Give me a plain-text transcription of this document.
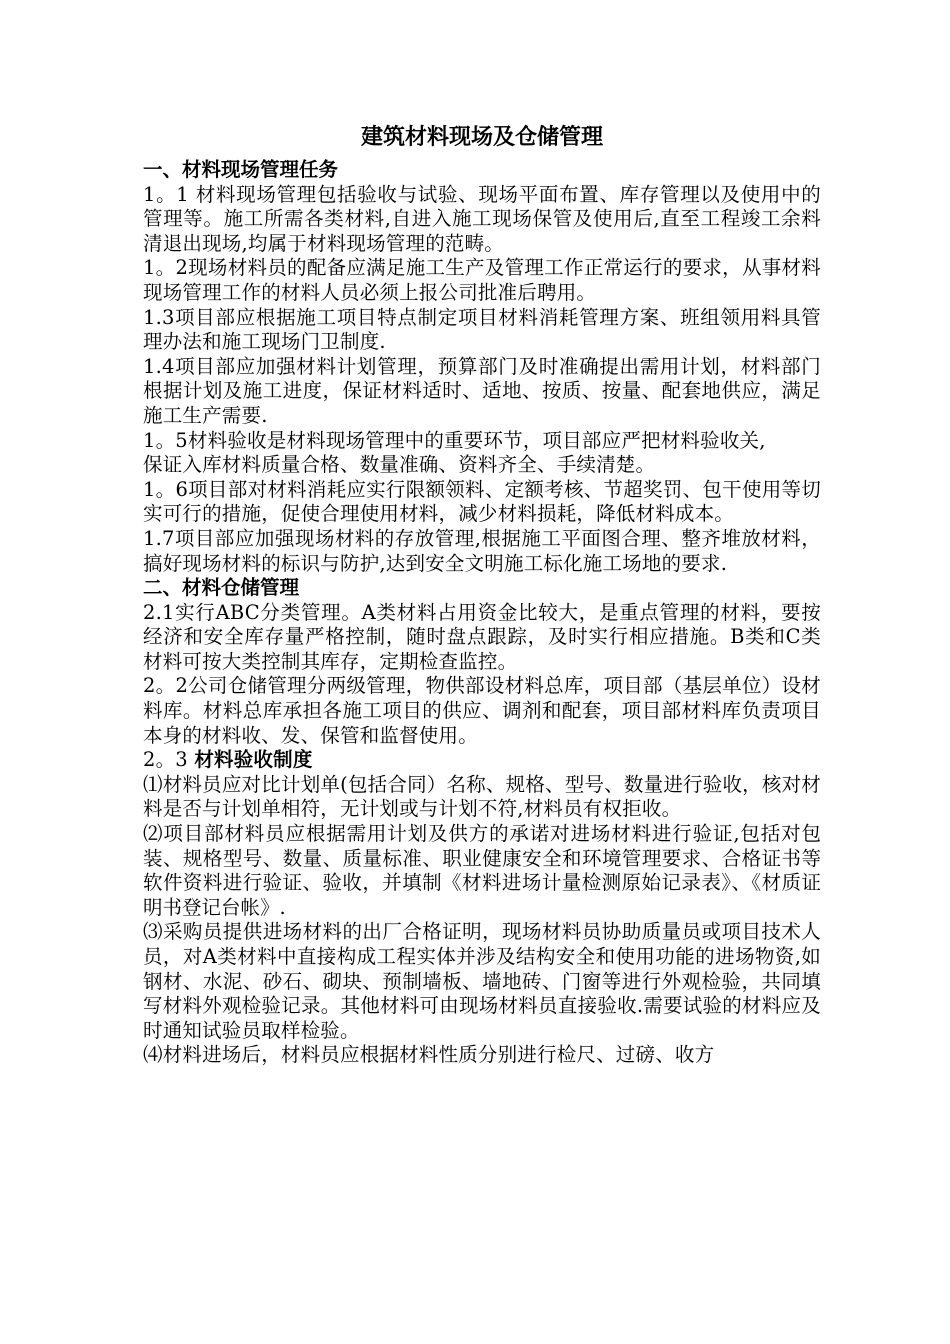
建筑材料现场及仓储管理
一、材料现场管理任务

1。1 材料现场管理包括验收与试验、现场平面布置、库存管理以及使用中的管理等。施工所需各类材料,自进入施工现场保管及使用后,直至工程竣工余料清退出现场,均属于材料现场管理的范畴。

1。2现场材料员的配备应满足施工生产及管理工作正常运行的要求，从事材料现场管理工作的材料人员必须上报公司批准后聘用。

1.3项目部应根据施工项目特点制定项目材料消耗管理方案、班组领用料具管理办法和施工现场门卫制度.

1.4项目部应加强材料计划管理，预算部门及时准确提出需用计划，材料部门根据计划及施工进度，保证材料适时、适地、按质、按量、配套地供应，满足施工生产需要.

1。5材料验收是材料现场管理中的重要环节，项目部应严把材料验收关,

保证入库材料质量合格、数量准确、资料齐全、手续清楚。

1。6项目部对材料消耗应实行限额领料、定额考核、节超奖罚、包干使用等切实可行的措施，促使合理使用材料，减少材料损耗，降低材料成本。

1.7项目部应加强现场材料的存放管理,根据施工平面图合理、整齐堆放材料，搞好现场材料的标识与防护,达到安全文明施工标化施工场地的要求.

二、材料仓储管理

2.1实行ABC分类管理。A类材料占用资金比较大，是重点管理的材料，要按经济和安全库存量严格控制，随时盘点跟踪，及时实行相应措施。B类和C类材料可按大类控制其库存，定期检查监控。

2。2公司仓储管理分两级管理，物供部设材料总库，项目部（基层单位）设材料库。材料总库承担各施工项目的供应、调剂和配套，项目部材料库负责项目本身的材料收、发、保管和监督使用。

2。3 材料验收制度

⑴材料员应对比计划单(包括合同）名称、规格、型号、数量进行验收，核对材料是否与计划单相符，无计划或与计划不符,材料员有权拒收。

⑵项目部材料员应根据需用计划及供方的承诺对进场材料进行验证,包括对包装、规格型号、数量、质量标准、职业健康安全和环境管理要求、合格证书等软件资料进行验证、验收，并填制《材料进场计量检测原始记录表》、《材质证明书登记台帐》.

⑶采购员提供进场材料的出厂合格证明，现场材料员协助质量员或项目技术人员，对A类材料中直接构成工程实体并涉及结构安全和使用功能的进场物资,如钢材、水泥、砂石、砌块、预制墙板、墙地砖、门窗等进行外观检验，共同填写材料外观检验记录。其他材料可由现场材料员直接验收.需要试验的材料应及时通知试验员取样检验。

⑷材料进场后，材料员应根据材料性质分别进行检尺、过磅、收方
